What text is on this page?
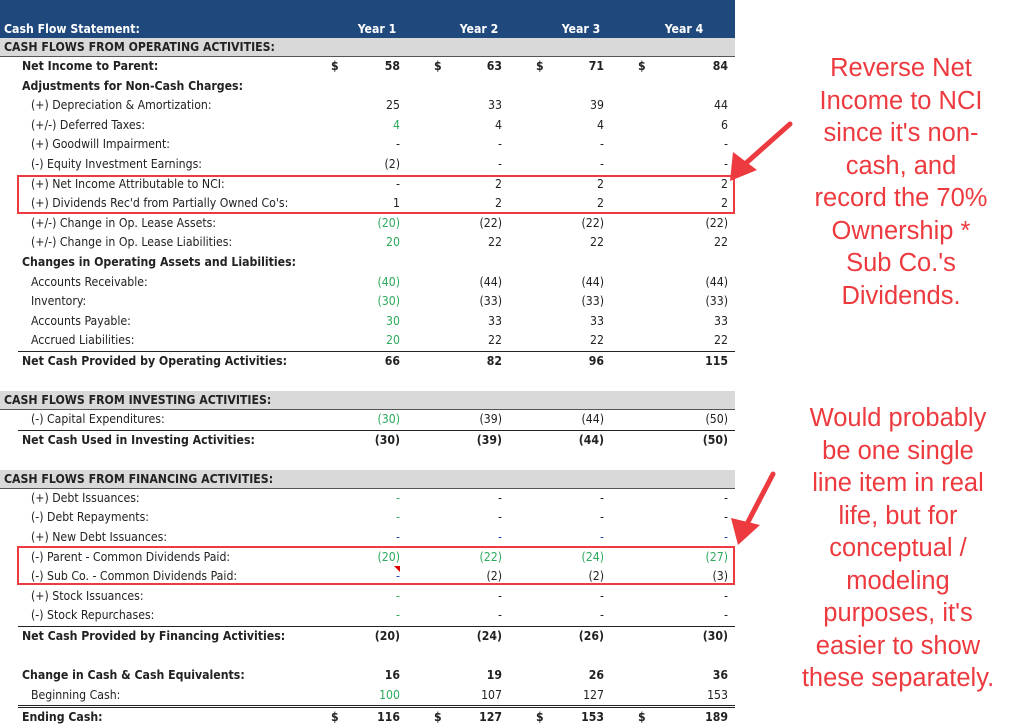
Cash Flow Statement:	Year 1	Year 2	Year 3	Year 4
CASH FLOWS FROM OPERATING ACTIVITIES:
Net Income to Parent:	$	58	$	63	$	71	$	84
Adjustments for Non-Cash Charges:
(+) Depreciation & Amortization:	25	33	39	44
(+/-) Deferred Taxes:	4	4	4	6
(+) Goodwill Impairment:	-	-	-	-
(-) Equity Investment Earnings:	(2)	-	-	-
(+) Net Income Attributable to NCI:	-	2	2	2
(+) Dividends Rec'd from Partially Owned Co's:	1	2	2	2
(+/-) Change in Op. Lease Assets:	(20)	(22)	(22)	(22)
(+/-) Change in Op. Lease Liabilities:	20	22	22	22
Changes in Operating Assets and Liabilities:
Accounts Receivable:	(40)	(44)	(44)	(44)
Inventory:	(30)	(33)	(33)	(33)
Accounts Payable:	30	33	33	33
Accrued Liabilities:	20	22	22	22
Net Cash Provided by Operating Activities:	66	82	96	115
CASH FLOWS FROM INVESTING ACTIVITIES:
(-) Capital Expenditures:	(30)	(39)	(44)	(50)
Net Cash Used in Investing Activities:	(30)	(39)	(44)	(50)
CASH FLOWS FROM FINANCING ACTIVITIES:
(+) Debt Issuances:	-	-	-	-
(-) Debt Repayments:	-	-	-	-
(+) New Debt Issuances:	-	-	-	-
(-) Parent - Common Dividends Paid:	(20)	(22)	(24)	(27)
(-) Sub Co. - Common Dividends Paid:	-	(2)	(2)	(3)
(+) Stock Issuances:	-	-	-	-
(-) Stock Repurchases:	-	-	-	-
Net Cash Provided by Financing Activities:	(20)	(24)	(26)	(30)
Change in Cash & Cash Equivalents:	16	19	26	36
Beginning Cash:	100	107	127	153
Ending Cash:	$	116	$	127	$	153	$	189
Reverse Net
Income to NCI
since it's non-
cash, and
record the 70%
Ownership *
Sub Co.'s
Dividends.
Would probably
be one single
line item in real
life, but for
conceptual /
modeling
purposes, it's
easier to show
these separately.
